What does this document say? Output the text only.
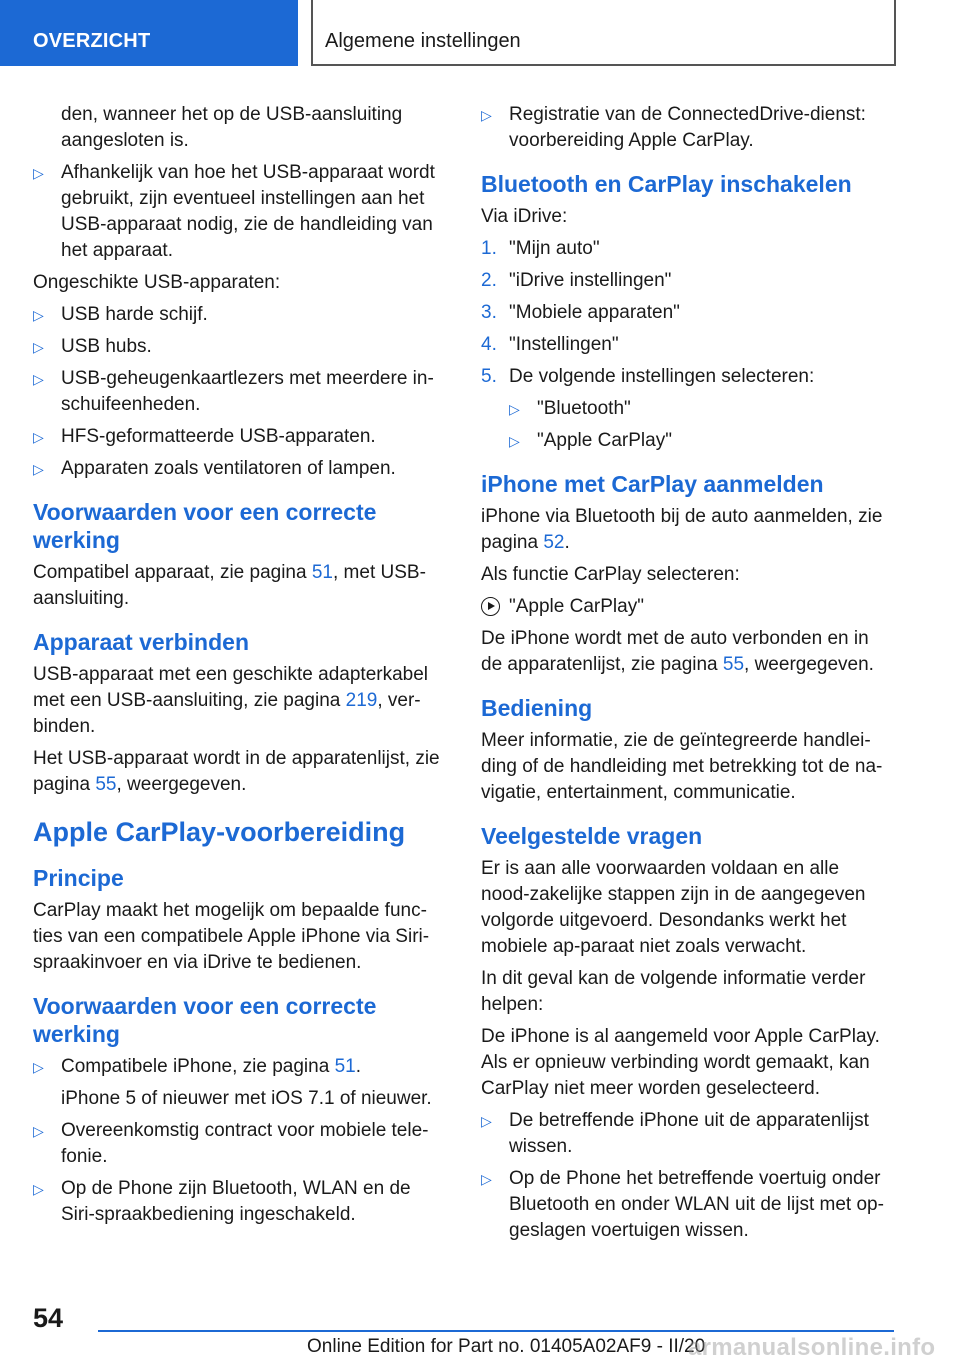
OVERZICHT	Algemene instellingen
den, wanneer het op de USB-aansluiting aangesloten is.
▷ Afhankelijk van hoe het USB-apparaat wordt gebruikt, zijn eventueel instellingen aan het USB-apparaat nodig, zie de handleiding van het apparaat.

Ongeschikte USB-apparaten:

▷ USB harde schijf.
▷ USB hubs.
▷ USB-geheugenkaartlezers met meerdere in-schuifeenheden.
▷ HFS-geformatteerde USB-apparaten.
▷ Apparaten zoals ventilatoren of lampen.
Voorwaarden voor een correcte werking

Compatibel apparaat, zie pagina 51, met USB-aansluiting.

Apparaat verbinden

USB-apparaat met een geschikte adapterkabel met een USB-aansluiting, zie pagina 219, ver-binden.

Het USB-apparaat wordt in de apparatenlijst, zie pagina 55, weergegeven.

Apple CarPlay-voorbereiding
Principe

CarPlay maakt het mogelijk om bepaalde func-ties van een compatibele Apple iPhone via Siri-spraakinvoer en via iDrive te bedienen.

Voorwaarden voor een correcte werking
▷ Compatibele iPhone, zie pagina 51.
iPhone 5 of nieuwer met iOS 7.1 of nieuwer.
▷ Overeenkomstig contract voor mobiele tele-fonie.
▷ Op de Phone zijn Bluetooth, WLAN en de Siri-spraakbediening ingeschakeld.
▷ Registratie van de ConnectedDrive-dienst: voorbereiding Apple CarPlay.
Bluetooth en CarPlay inschakelen

Via iDrive:

1. "Mijn auto"
2. "iDrive instellingen"
3. "Mobiele apparaten"
4. "Instellingen"
5. De volgende instellingen selecteren:
▷ "Bluetooth"
▷ "Apple CarPlay"
iPhone met CarPlay aanmelden

iPhone via Bluetooth bij de auto aanmelden, zie pagina 52.

Als functie CarPlay selecteren:

"Apple CarPlay"

De iPhone wordt met de auto verbonden en in de apparatenlijst, zie pagina 55, weergegeven.

Bediening

Meer informatie, zie de geïntegreerde handlei-ding of de handleiding met betrekking tot de na-vigatie, entertainment, communicatie.

Veelgestelde vragen

Er is aan alle voorwaarden voldaan en alle nood-zakelijke stappen zijn in de aangegeven volgorde uitgevoerd. Desondanks werkt het mobiele ap-paraat niet zoals verwacht.

In dit geval kan de volgende informatie verder helpen:

De iPhone is al aangemeld voor Apple CarPlay. Als er opnieuw verbinding wordt gemaakt, kan CarPlay niet meer worden geselecteerd.

▷ De betreffende iPhone uit de apparatenlijst wissen.
▷ Op de Phone het betreffende voertuig onder Bluetooth en onder WLAN uit de lijst met op-geslagen voertuigen wissen.
54
Online Edition for Part no. 01405A02AF9 - II/20
armanualsonline.info
